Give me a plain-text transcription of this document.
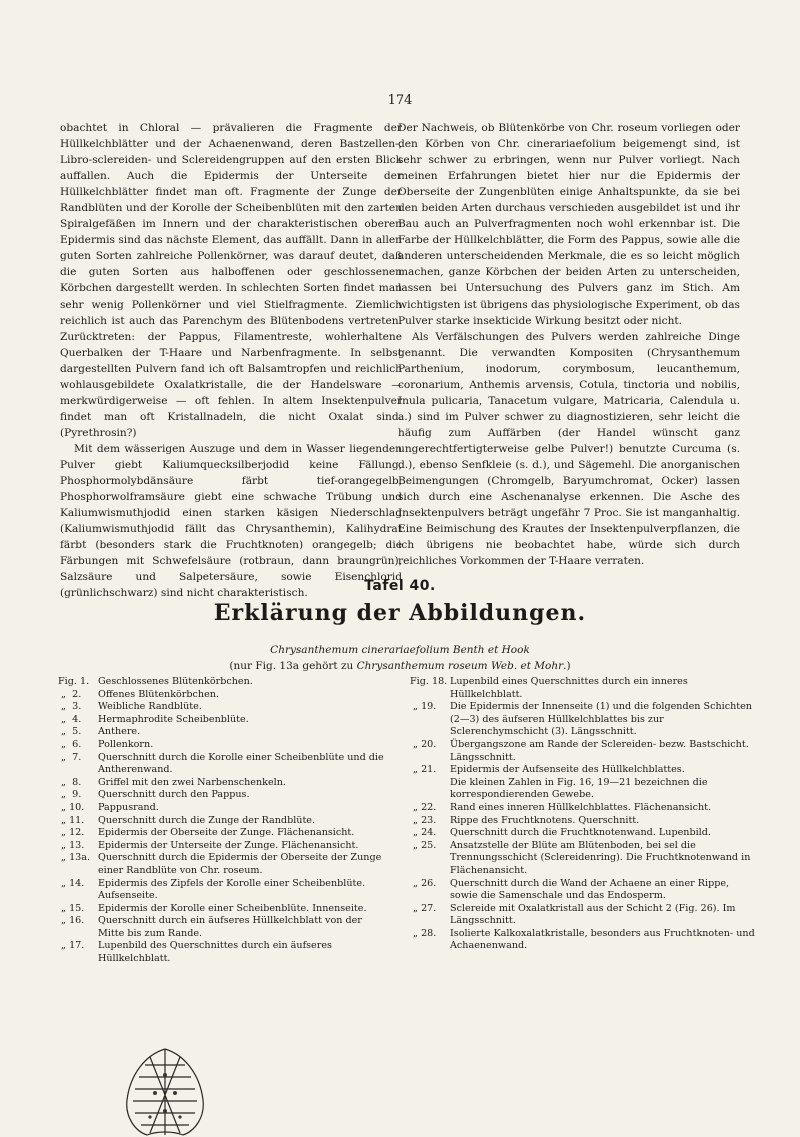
174

obachtet in Chloral — prävalieren die Fragmente der Hüllkelchblätter und der Achaenenwand, deren Bastzellen-, Libro-sclereiden- und Sclereidengruppen auf den ersten Blick auffallen. Auch die Epidermis der Unterseite der Hüllkelchblätter findet man oft. Fragmente der Zunge der Randblüten und der Korolle der Scheibenblüten mit den zarten Spiralgefäßen im Innern und der charakteristischen oberen Epidermis sind das nächste Element, das auffällt. Dann in allen guten Sorten zahlreiche Pollenkörner, was darauf deutet, daß die guten Sorten aus halboffenen oder geschlossenen Körbchen dargestellt werden. In schlechten Sorten findet man sehr wenig Pollenkörner und viel Stielfragmente. Ziemlich reichlich ist auch das Parenchym des Blütenbodens vertreten. Zurücktreten: der Pappus, Filamentreste, wohlerhaltene Querbalken der T-Haare und Narbenfragmente. In selbst dargestellten Pulvern fand ich oft Balsamtropfen und reichlich wohlausgebildete Oxalatkristalle, die der Handelsware — merkwürdigerweise — oft fehlen. In altem Insektenpulver findet man oft Kristallnadeln, die nicht Oxalat sind. (Pyrethrosin?)

Mit dem wässerigen Auszuge und dem in Wasser liegenden Pulver giebt Kaliumquecksilberjodid keine Fällung, Phosphormolybdänsäure färbt tief-orangegelb, Phosphorwolframsäure giebt eine schwache Trübung und Kaliumwismuthjodid einen starken käsigen Niederschlag (Kaliumwismuthjodid fällt das Chrysanthemin), Kalihydrat färbt (besonders stark die Fruchtknoten) orangegelb; die Färbungen mit Schwefelsäure (rotbraun, dann braungrün), Salzsäure und Salpetersäure, sowie Eisenchlorid (grünlichschwarz) sind nicht charakteristisch.

Der Nachweis, ob Blütenkörbe von Chr. roseum vorliegen oder den Körben von Chr. cinerariaefolium beigemengt sind, ist sehr schwer zu erbringen, wenn nur Pulver vorliegt. Nach meinen Erfahrungen bietet hier nur die Epidermis der Oberseite der Zungenblüten einige Anhaltspunkte, da sie bei den beiden Arten durchaus verschieden ausgebildet ist und ihr Bau auch an Pulverfragmenten noch wohl erkennbar ist. Die Farbe der Hüllkelchblätter, die Form des Pappus, sowie alle die anderen unterscheidenden Merkmale, die es so leicht möglich machen, ganze Körbchen der beiden Arten zu unterscheiden, lassen bei Untersuchung des Pulvers ganz im Stich. Am wichtigsten ist übrigens das physiologische Experiment, ob das Pulver starke insekticide Wirkung besitzt oder nicht.

Als Verfälschungen des Pulvers werden zahlreiche Dinge genannt. Die verwandten Kompositen (Chrysanthemum Parthenium, inodorum, corymbosum, leucanthemum, coronarium, Anthemis arvensis, Cotula, tinctoria und nobilis, Inula pulicaria, Tanacetum vulgare, Matricaria, Calendula u. a.) sind im Pulver schwer zu diagnostizieren, sehr leicht die häufig zum Auffärben (der Handel wünscht ganz ungerechtfertigterweise gelbe Pulver!) benutzte Curcuma (s. d.), ebenso Senfkleie (s. d.), und Sägemehl. Die anorganischen Beimengungen (Chromgelb, Baryumchromat, Ocker) lassen sich durch eine Aschenanalyse erkennen. Die Asche des Insektenpulvers beträgt ungefähr 7 Proc. Sie ist manganhaltig. Eine Beimischung des Krautes der Insektenpulverpflanzen, die ich übrigens nie beobachtet habe, würde sich durch reichliches Vorkommen der T-Haare verraten.

Tafel 40.
Erklärung der Abbildungen.
Chrysanthemum cinerariaefolium Benth et Hook
(nur Fig. 13a gehört zu Chrysanthemum roseum Web. et Mohr.)
Fig. 1. Geschlossenes Blütenkörbchen.
„  2.	Offenes Blütenkörbchen.
„  3.	Weibliche Randblüte.
„  4.	Hermaphrodite Scheibenblüte.
„  5.	Anthere.
„  6.	Pollenkorn.
„  7.	Querschnitt durch die Korolle einer Scheibenblüte und die Antherenwand.
„  8.	Griffel mit den zwei Narbenschenkeln.
„  9.	Querschnitt durch den Pappus.
„ 10.	Pappusrand.
„ 11.	Querschnitt durch die Zunge der Randblüte.
„ 12.	Epidermis der Oberseite der Zunge. Flächenansicht.
„ 13.	Epidermis der Unterseite der Zunge. Flächenansicht.
„ 13a. Querschnitt durch die Epidermis der Oberseite der Zunge einer Randblüte von Chr. roseum.
„ 14.	Epidermis des Zipfels der Korolle einer Scheibenblüte. Aufsenseite.
„ 15.	Epidermis der Korolle einer Scheibenblüte. Innenseite.
„ 16.	Querschnitt durch ein äufseres Hüllkelchblatt von der Mitte bis zum Rande.
„ 17.	Lupenbild des Querschnittes durch ein äufseres Hüllkelchblatt.
Fig. 18. Lupenbild eines Querschnittes durch ein inneres Hüllkelchblatt.
„ 19.	Die Epidermis der Innenseite (1) und die folgenden Schichten (2—3) des äufseren Hüllkelchblattes bis zur Sclerenchymschicht (3). Längsschnitt.
„ 20.	Übergangszone am Rande der Sclereiden- bezw. Bastschicht. Längsschnitt.
„ 21.	Epidermis der Aufsenseite des Hüllkelchblattes.
Die kleinen Zahlen in Fig. 16, 19—21 bezeichnen die korrespondierenden Gewebe.
„ 22.	Rand eines inneren Hüllkelchblattes. Flächenansicht.
„ 23.	Rippe des Fruchtknotens. Querschnitt.
„ 24.	Querschnitt durch die Fruchtknotenwand. Lupenbild.
„ 25.	Ansatzstelle der Blüte am Blütenboden, bei sel die Trennungsschicht (Sclereidenring). Die Fruchtknotenwand in Flächenansicht.
„ 26.	Querschnitt durch die Wand der Achaene an einer Rippe, sowie die Samenschale und das Endosperm.
„ 27.	Sclereide mit Oxalatkristall aus der Schicht 2 (Fig. 26). Im Längsschnitt.
„ 28.	Isolierte Kalkoxalatkristalle, besonders aus Fruchtknoten- und Achaenenwand.
